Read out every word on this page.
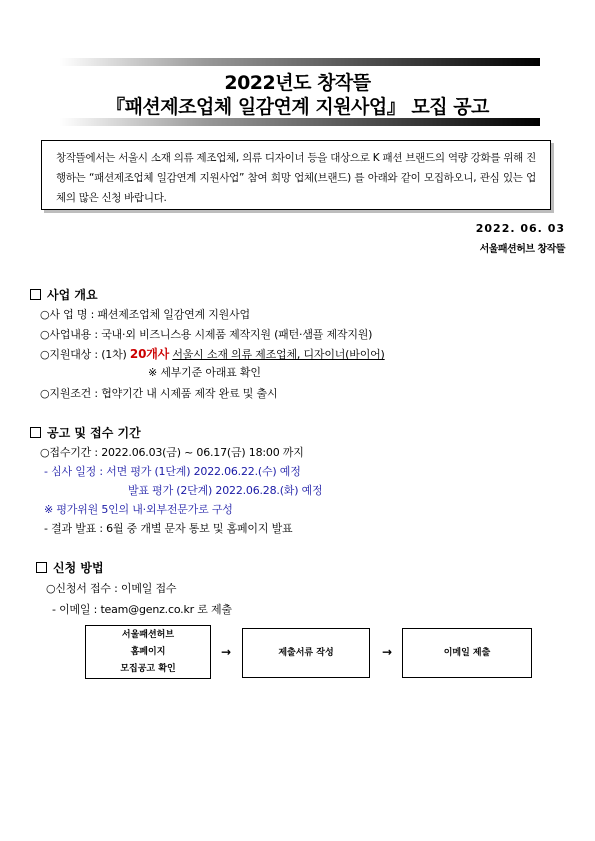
2022년도 창작뜰
『패션제조업체 일감연계 지원사업』 모집 공고
창작뜰에서는 서울시 소재 의류 제조업체, 의류 디자이너 등을 대상으로 K 패션 브랜드의 역량 강화를 위해 진행하는 “패션제조업체 일감연계 지원사업” 참여 희망 업체(브랜드) 를 아래와 같이 모집하오니, 관심 있는 업체의 많은 신청 바랍니다.
2022. 06. 03
서울패션허브 창작뜰
사업 개요
○사 업 명 : 패션제조업체 일감연계 지원사업
○사업내용 : 국내·외 비즈니스용 시제품 제작지원 (패턴·샘플 제작지원)
○지원대상 : (1차) 20개사 서울시 소재 의류 제조업체, 디자이너(바이어)
※ 세부기준 아래표 확인
○지원조건 : 협약기간 내 시제품 제작 완료 및 출시
공고 및 접수 기간
○접수기간 : 2022.06.03(금) ~ 06.17(금) 18:00 까지
- 심사 일정 : 서면 평가 (1단계) 2022.06.22.(수) 예정
발표 평가 (2단계) 2022.06.28.(화) 예정
※ 평가위원 5인의 내·외부전문가로 구성
- 결과 발표 : 6월 중 개별 문자 통보 및 홈페이지 발표
신청 방법
○신청서 접수 : 이메일 접수
- 이메일 : team@genz.co.kr 로 제출
서울패션허브
홈페이지
모집공고 확인
→	제출서류 작성	→	이메일 제출
